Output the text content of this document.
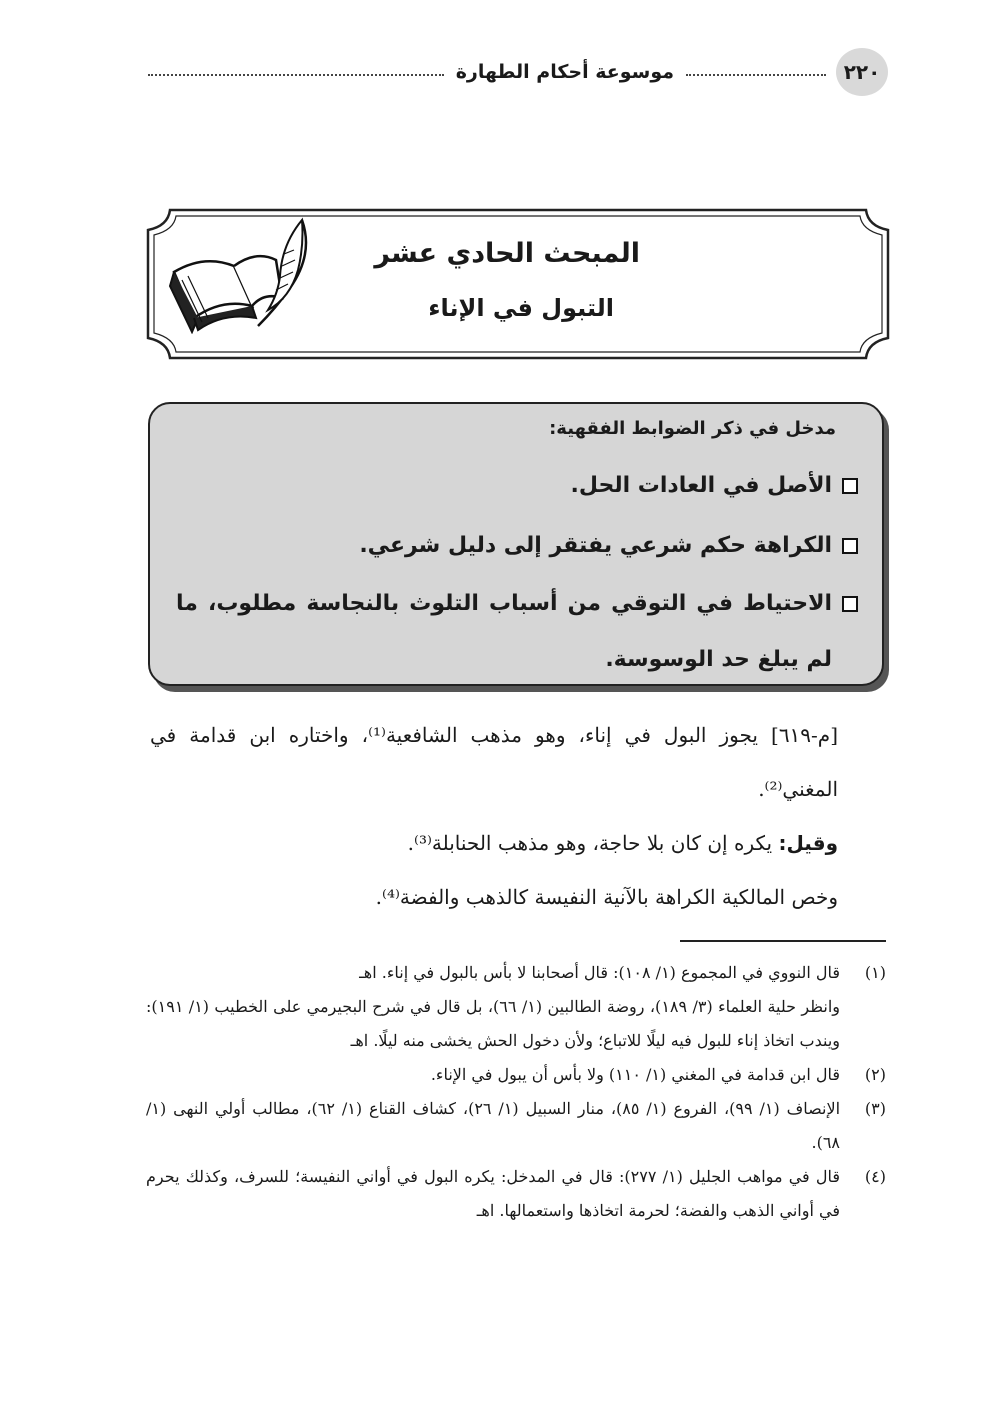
٢٢٠
موسوعة أحكام الطهارة
المبحث الحادي عشر
التبول في الإناء
مدخل في ذكر الضوابط الفقهية:
الأصل في العادات الحل.
الكراهة حكم شرعي يفتقر إلى دليل شرعي.
الاحتياط في التوقي من أسباب التلوث بالنجاسة مطلوب، ما لم يبلغ حد الوسوسة.

[م-٦١٩] يجوز البول في إناء، وهو مذهب الشافعية⁽¹⁾، واختاره ابن قدامة في المغني⁽²⁾.

وقيل: يكره إن كان بلا حاجة، وهو مذهب الحنابلة⁽³⁾.

وخص المالكية الكراهة بالآنية النفيسة كالذهب والفضة⁽⁴⁾.

(١)

قال النووي في المجموع (١/ ١٠٨): قال أصحابنا لا بأس بالبول في إناء. اهـ

وانظر حلية العلماء (٣/ ١٨٩)، روضة الطالبين (١/ ٦٦)، بل قال في شرح البجيرمي على الخطيب (١/ ١٩١): ويندب اتخاذ إناء للبول فيه ليلًا للاتباع؛ ولأن دخول الحش يخشى منه ليلًا. اهـ

(٢)

قال ابن قدامة في المغني (١/ ١١٠) ولا بأس أن يبول في الإناء.

(٣)

الإنصاف (١/ ٩٩)، الفروع (١/ ٨٥)، منار السبيل (١/ ٢٦)، كشاف القناع (١/ ٦٢)، مطالب أولي النهى (١/ ٦٨).

(٤)

قال في مواهب الجليل (١/ ٢٧٧): قال في المدخل: يكره البول في أواني النفيسة؛ للسرف، وكذلك يحرم في أواني الذهب والفضة؛ لحرمة اتخاذها واستعمالها. اهـ
